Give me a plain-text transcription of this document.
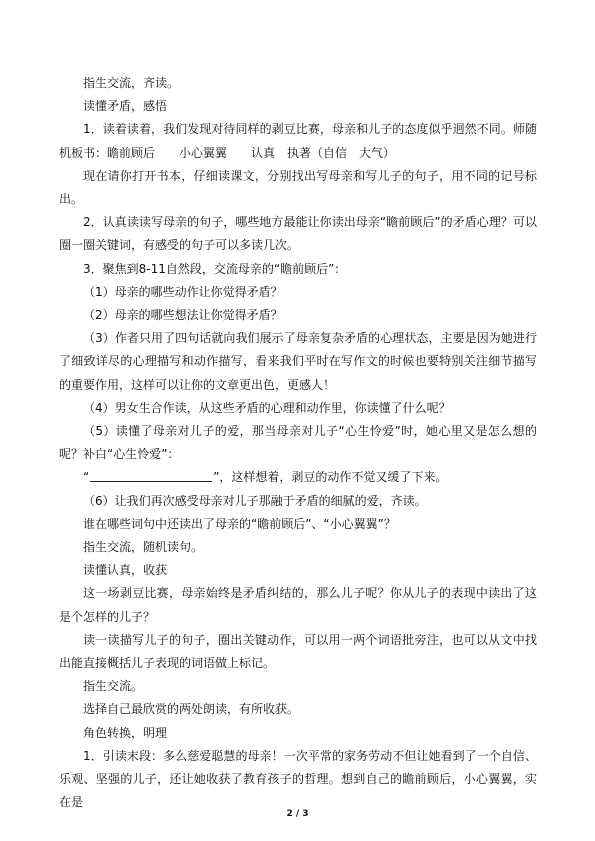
指生交流，齐读。

读懂矛盾，感悟

1．读着读着，我们发现对待同样的剥豆比赛，母亲和儿子的态度似乎迥然不同。师随机板书：瞻前顾后　　小心翼翼　　认真　执著（自信　大气）

现在请你打开书本，仔细读课文，分别找出写母亲和写儿子的句子，用不同的记号标出。

2．认真读读写母亲的句子，哪些地方最能让你读出母亲“瞻前顾后”的矛盾心理？可以圈一圈关键词，有感受的句子可以多读几次。

3．聚焦到8-11自然段，交流母亲的“瞻前顾后”：

（1）母亲的哪些动作让你觉得矛盾？

（2）母亲的哪些想法让你觉得矛盾？

（3）作者只用了四句话就向我们展示了母亲复杂矛盾的心理状态，主要是因为她进行了细致详尽的心理描写和动作描写，看来我们平时在写作文的时候也要特别关注细节描写的重要作用，这样可以让你的文章更出色，更感人！

（4）男女生合作读，从这些矛盾的心理和动作里，你读懂了什么呢？

（5）读懂了母亲对儿子的爱，那当母亲对儿子“心生怜爱”时，她心里又是怎么想的呢？补白“心生怜爱”：

“	”，这样想着，剥豆的动作不觉又缓了下来。

（6）让我们再次感受母亲对儿子那融于矛盾的细腻的爱，齐读。

谁在哪些词句中还读出了母亲的“瞻前顾后”、“小心翼翼”？

指生交流，随机读句。

读懂认真，收获

这一场剥豆比赛，母亲始终是矛盾纠结的，那么儿子呢？你从儿子的表现中读出了这是个怎样的儿子？

读一读描写儿子的句子，圈出关键动作，可以用一两个词语批旁注，也可以从文中找出能直接概括儿子表现的词语做上标记。

指生交流。

选择自己最欣赏的两处朗读，有所收获。

角色转换，明理

1．引读末段：多么慈爱聪慧的母亲！一次平常的家务劳动不但让她看到了一个自信、乐观、坚强的儿子，还让她收获了教育孩子的哲理。想到自己的瞻前顾后，小心翼翼，实在是

2 / 3
